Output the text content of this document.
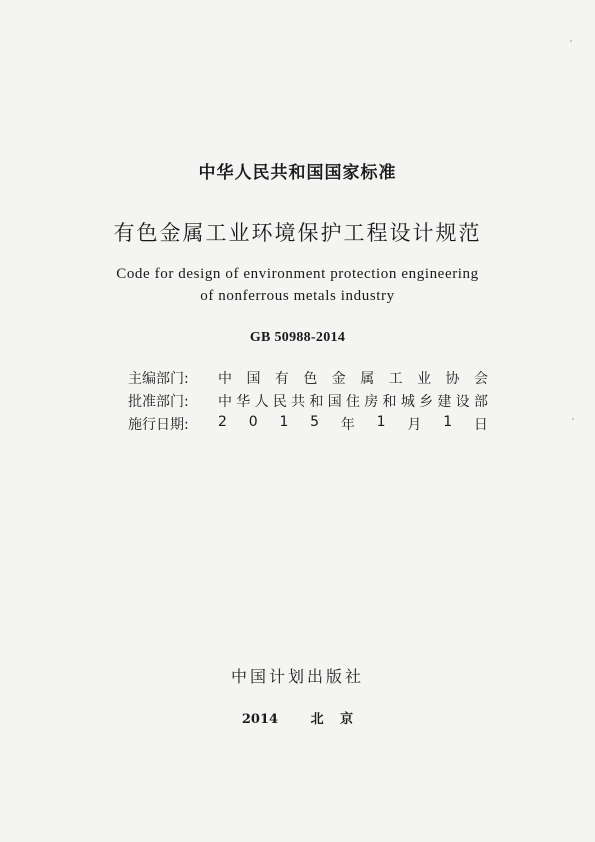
中华人民共和国国家标准
有色金属工业环境保护工程设计规范
Code for design of environment protection engineering
of nonferrous metals industry
GB 50988-2014
主编部门:	中 国 有 色 金 属 工 业 协 会
批准部门:	中 华 人 民 共 和 国 住 房 和 城 乡 建 设 部
施行日期:	2 0 1 5 年 1 月 1 日
中国计划出版社
2014	北 京
